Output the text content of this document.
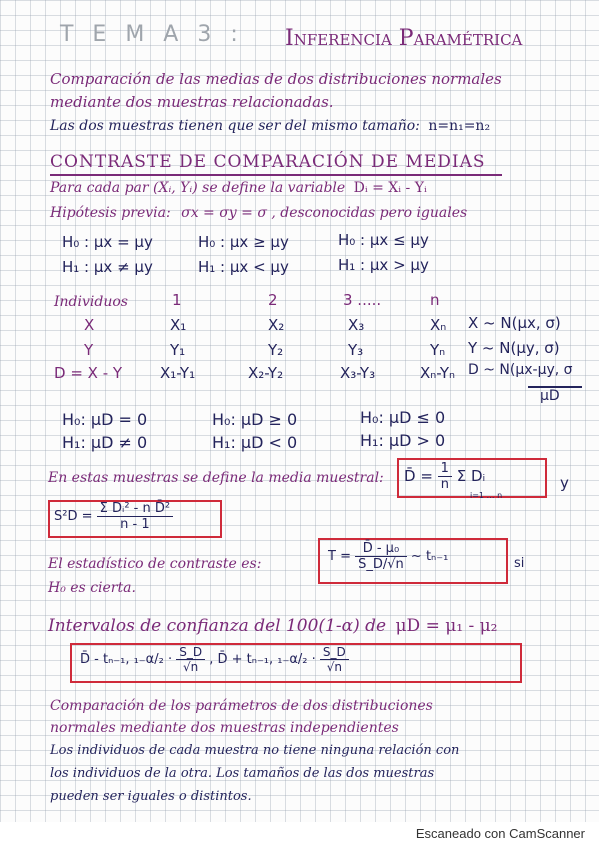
T E M A 3 : Inferencia Paramétrica
Comparación de las medias de dos distribuciones normales
mediante dos muestras relacionadas.
Las dos muestras tienen que ser del mismo tamaño: n=n₁=n₂
CONTRASTE DE COMPARACIÓN DE MEDIAS
Para cada par (Xᵢ, Yᵢ) se define la variable Dᵢ = Xᵢ - Yᵢ
Hipótesis previa: σx = σy = σ , desconocidas pero iguales
H₀ : μx = μy	H₀ : μx ≥ μy	H₀ : μx ≤ μy
H₁ : μx ≠ μy	H₁ : μx < μy	H₁ : μx > μy
Individuos	1	2	3 .....	n
X	X₁	X₂	X₃	Xₙ X ~ N(μx, σ)
Y	Y₁	Y₂	Y₃	Yₙ Y ~ N(μy, σ)
D = X - Y	X₁-Y₁	X₂-Y₂	X₃-Y₃	Xₙ-Yₙ D ~ N(μx-μy, σ
μD
H₀: μD = 0	H₀: μD ≥ 0	H₀: μD ≤ 0
H₁: μD ≠ 0	H₁: μD < 0	H₁: μD > 0
En estas muestras se define la media muestral: D̄ = $\frac{1}{n}$ Σ Dᵢ
i=1 … n
y
$S^2D = \frac{\text{Σ Dᵢ² - n D̄²}}{n - 1}$
El estadístico de contraste es:
H₀ es cierta.
$T = \frac{\text{D̄ - μ₀}}{S\_D/√n}$ ~ tₙ₋₁	si
Intervalos de confianza del 100(1-α) de μD = μ₁ - μ₂
D̄ - tₙ₋₁, $_{1-}\alpha/_2 \cdot \frac{S\_D}{√n}$ , D̄ + tₙ₋₁, $_{1-}\alpha/_2 \cdot \frac{S\_D}{√n}$
Comparación de los parámetros de dos distribuciones
normales mediante dos muestras independientes
Los individuos de cada muestra no tiene ninguna relación con
los individuos de la otra. Los tamaños de las dos muestras
pueden ser iguales o distintos.
Escaneado con CamScanner
